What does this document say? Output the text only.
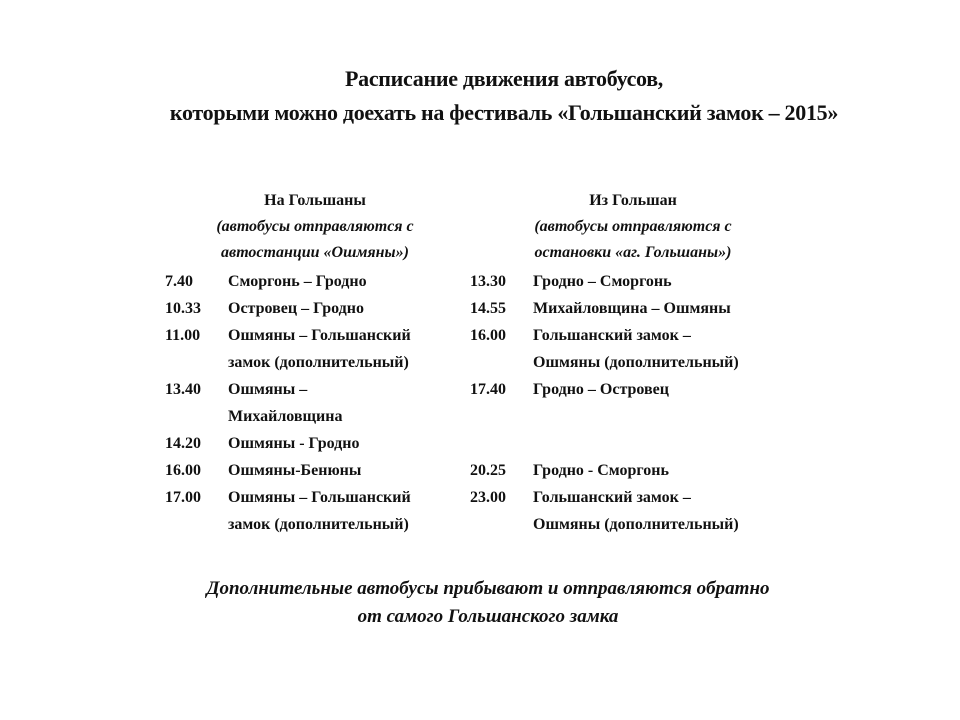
Расписание движения автобусов,
которыми можно доехать на фестиваль «Гольшанский замок – 2015»
На Гольшаны
(автобусы отправляются с
автостанции «Ошмяны»)
Из Гольшан
(автобусы отправляются с
остановки «аг. Гольшаны»)
7.40	Сморгонь – Гродно
10.33	Островец – Гродно
11.00	Ошмяны – Гольшанский
замок (дополнительный)
13.40	Ошмяны –
Михайловщина
14.20	Ошмяны - Гродно
16.00	Ошмяны-Бенюны
17.00	Ошмяны – Гольшанский
замок (дополнительный)
13.30	Гродно – Сморгонь
14.55	Михайловщина – Ошмяны
16.00	Гольшанский замок –
Ошмяны (дополнительный)
17.40	Гродно – Островец

20.25	Гродно - Сморгонь
23.00	Гольшанский замок –
Ошмяны (дополнительный)
Дополнительные автобусы прибывают и отправляются обратно
от самого Гольшанского замка
